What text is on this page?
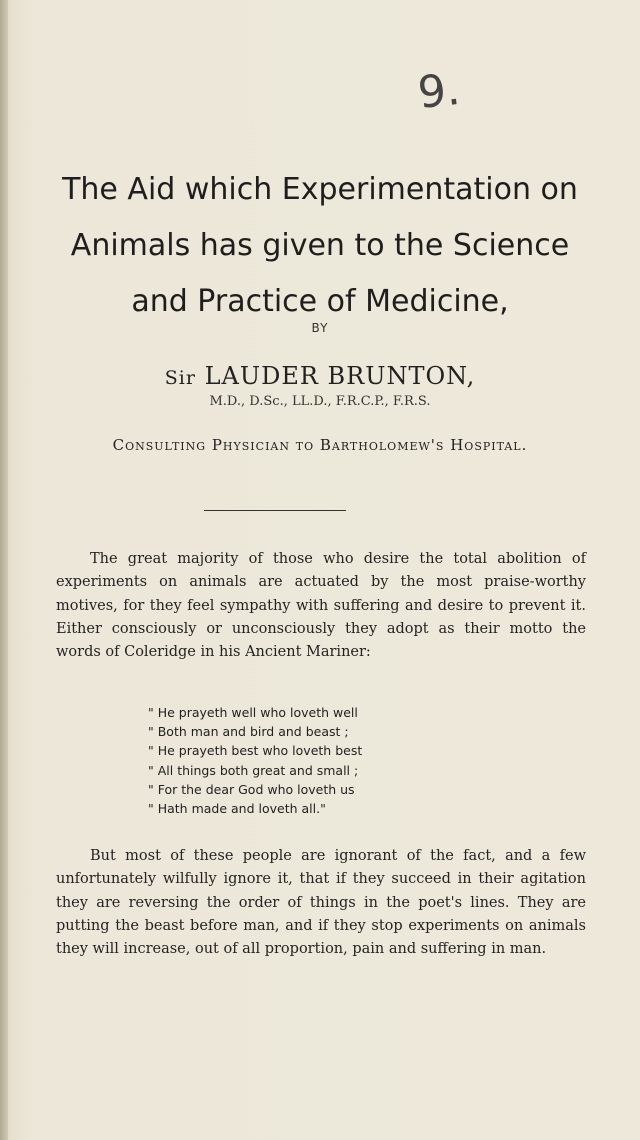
9.
The Aid which Experimentation on
Animals has given to the Science
and Practice of Medicine,
BY
Sir LAUDER BRUNTON,
M.D., D.Sc., LL.D., F.R.C.P., F.R.S.
Consulting Physician to Bartholomew's Hospital.

The great majority of those who desire the total abolition of experiments on animals are actuated by the most praise-worthy motives, for they feel sympathy with suffering and desire to prevent it. Either consciously or unconsciously they adopt as their motto the words of Coleridge in his Ancient Mariner:

" He prayeth well who loveth well
" Both man and bird and beast ;
" He prayeth best who loveth best
" All things both great and small ;
" For the dear God who loveth us
" Hath made and loveth all."

But most of these people are ignorant of the fact, and a few unfortunately wilfully ignore it, that if they succeed in their agitation they are reversing the order of things in the poet's lines. They are putting the beast before man, and if they stop experiments on animals they will increase, out of all proportion, pain and suffering in man.
